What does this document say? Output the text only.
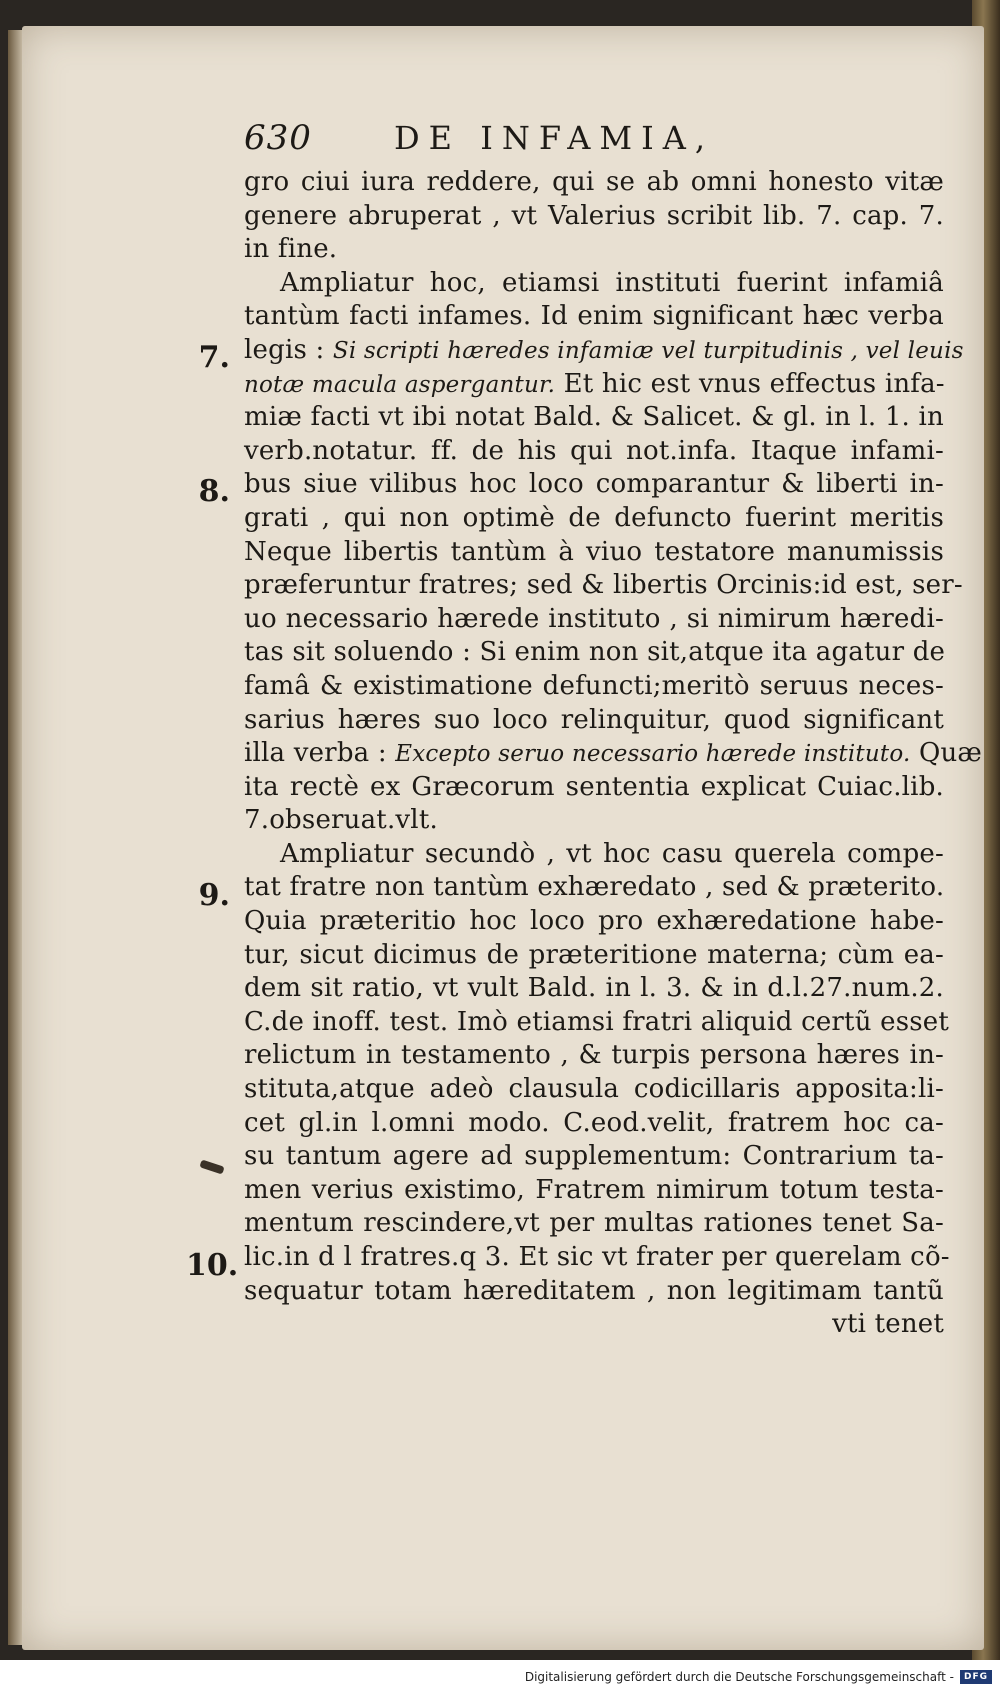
630	DE INFAMIA,
gro ciui iura reddere, qui se ab omni honesto vitæ
genere abruperat , vt Valerius scribit lib. 7. cap. 7.
in fine.
Ampliatur hoc, etiamsi instituti fuerint infamiâ
tantùm facti infames. Id enim significant hæc verba
legis : Si scripti hæredes infamiæ vel turpitudinis , vel leuis
notæ macula aspergantur. Et hic est vnus effectus infa-
miæ facti vt ibi notat Bald. & Salicet. & gl. in l. 1. in
verb.notatur. ff. de his qui not.infa. Itaque infami-
bus siue vilibus hoc loco comparantur & liberti in-
grati , qui non optimè de defuncto fuerint meritis
Neque libertis tantùm à viuo testatore manumissis
præferuntur fratres; sed & libertis Orcinis:id est, ser-
uo necessario hærede instituto , si nimirum hæredi-
tas sit soluendo : Si enim non sit,atque ita agatur de
famâ & existimatione defuncti;meritò seruus neces-
sarius hæres suo loco relinquitur, quod significant
illa verba : Excepto seruo necessario hærede instituto. Quæ
ita rectè ex Græcorum sententia explicat Cuiac.lib.
7.obseruat.vlt.
Ampliatur secundò , vt hoc casu querela compe-
tat fratre non tantùm exhæredato , sed & præterito.
Quia præteritio hoc loco pro exhæredatione habe-
tur, sicut dicimus de præteritione materna; cùm ea-
dem sit ratio, vt vult Bald. in l. 3. & in d.l.27.num.2.
C.de inoff. test. Imò etiamsi fratri aliquid certũ esset
relictum in testamento , & turpis persona hæres in-
stituta,atque adeò clausula codicillaris apposita:li-
cet gl.in l.omni modo. C.eod.velit, fratrem hoc ca-
su tantum agere ad supplementum: Contrarium ta-
men verius existimo, Fratrem nimirum totum testa-
mentum rescindere,vt per multas rationes tenet Sa-
lic.in d l fratres.q 3. Et sic vt frater per querelam cõ-
sequatur totam hæreditatem , non legitimam tantũ
vti tenet
7.
8.
9.
10.
Digitalisierung gefördert durch die Deutsche Forschungsgemeinschaft -	DFG
